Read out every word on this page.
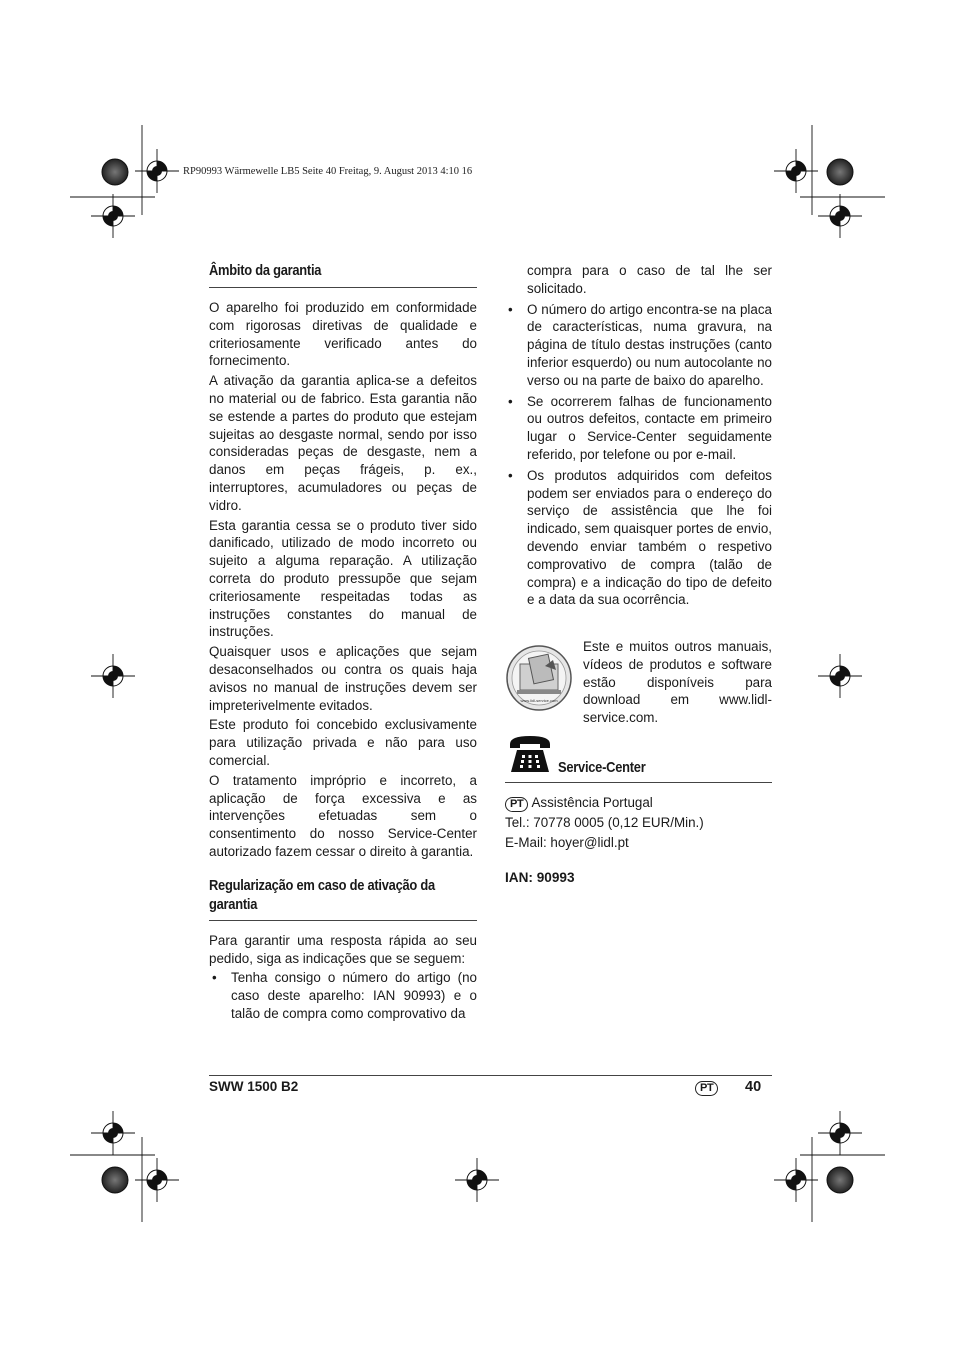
RP90993 Wärmewelle LB5 Seite 40 Freitag, 9. August 2013 4:10 16
Âmbito da garantia

O aparelho foi produzido em conformidade com rigorosas diretivas de qualidade e criteriosamente verificado antes do fornecimento.

A ativação da garantia aplica-se a defeitos no material ou de fabrico. Esta garantia não se estende a partes do produto que estejam sujeitas ao desgaste normal, sendo por isso consideradas peças de desgaste, nem a danos em peças frágeis, p. ex., interruptores, acumuladores ou peças de vidro.

Esta garantia cessa se o produto tiver sido danificado, utilizado de modo incorreto ou sujeito a alguma reparação. A utilização correta do produto pressupõe que sejam criteriosamente respeitadas todas as instruções constantes do manual de instruções.

Quaisquer usos e aplicações que sejam desaconselhados ou contra os quais haja avisos no manual de instruções devem ser impreterivelmente evitados.

Este produto foi concebido exclusivamente para utilização privada e não para uso comercial.

O tratamento impróprio e incorreto, a aplicação de força excessiva e as intervenções efetuadas sem o consentimento do nosso Service-Center autorizado fazem cessar o direito à garantia.

Regularização em caso de ativação da garantia

Para garantir uma resposta rápida ao seu pedido, siga as indicações que se seguem:

• Tenha consigo o número do artigo (no caso deste aparelho: IAN 90993) e o talão de compra como comprovativo da

compra para o caso de tal lhe ser solicitado.

• O número do artigo encontra-se na placa de características, numa gravura, na página de título destas instruções (canto inferior esquerdo) ou num autocolante no verso ou na parte de baixo do aparelho.
• Se ocorrerem falhas de funcionamento ou outros defeitos, contacte em primeiro lugar o Service-Center seguidamente referido, por telefone ou por e-mail.
• Os produtos adquiridos com defeitos podem ser enviados para o endereço do serviço de assistência que lhe foi indicado, sem quaisquer portes de envio, devendo enviar também o respetivo comprovativo de compra (talão de compra) e a indicação do tipo de defeito e a data da sua ocorrência.
www.lidl-service.com

Este e muitos outros manuais, vídeos de produtos e software estão disponíveis para download em www.lidl-service.com.

Service-Center
PT Assistência Portugal
Tel.: 70778 0005 (0,12 EUR/Min.)
E-Mail: hoyer@lidl.pt
IAN: 90993
SWW 1500 B2	PT	40
